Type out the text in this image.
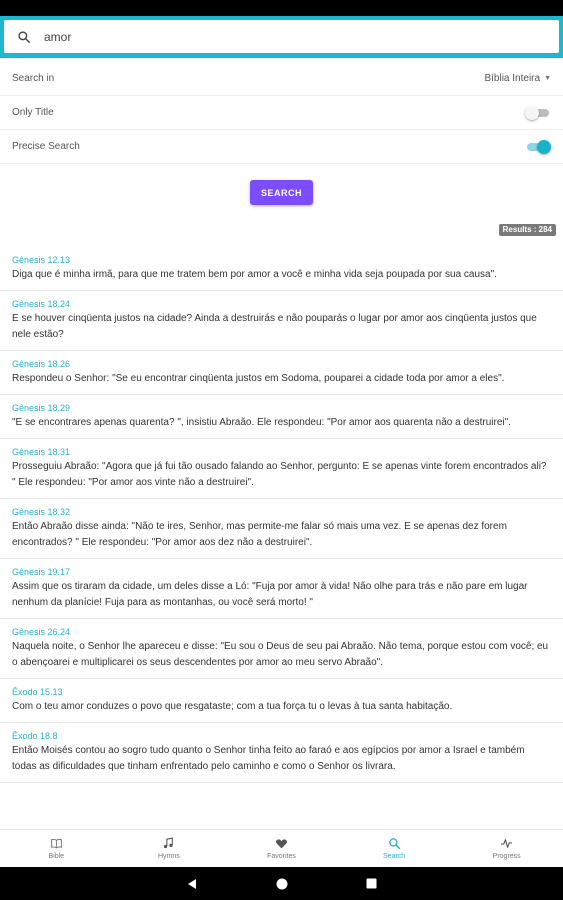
amor
Search in	Bíblia Inteira ▼
Only Title
Precise Search
SEARCH
Results : 284
Gênesis 12.13
Diga que é minha irmã, para que me tratem bem por amor a você e minha vida seja poupada por sua causa".
Gênesis 18.24
E se houver cinqüenta justos na cidade? Ainda a destruirás e não pouparás o lugar por amor aos cinqüenta justos que nele estão?
Gênesis 18.26
Respondeu o Senhor: "Se eu encontrar cinqüenta justos em Sodoma, pouparei a cidade toda por amor a eles".
Gênesis 18.29
"E se encontrares apenas quarenta? ", insistiu Abraão. Ele respondeu: "Por amor aos quarenta não a destruirei".
Gênesis 18.31
Prosseguiu Abraão: "Agora que já fui tão ousado falando ao Senhor, pergunto: E se apenas vinte forem encontrados ali? " Ele respondeu: "Por amor aos vinte não a destruirei".
Gênesis 18.32
Então Abraão disse ainda: "Não te ires, Senhor, mas permite-me falar só mais uma vez. E se apenas dez forem encontrados? " Ele respondeu: "Por amor aos dez não a destruirei".
Gênesis 19.17
Assim que os tiraram da cidade, um deles disse a Ló: "Fuja por amor à vida! Não olhe para trás e não pare em lugar nenhum da planície! Fuja para as montanhas, ou você será morto! "
Gênesis 26.24
Naquela noite, o Senhor lhe apareceu e disse: "Eu sou o Deus de seu pai Abraão. Não tema, porque estou com você; eu o abençoarei e multiplicarei os seus descendentes por amor ao meu servo Abraão".
Êxodo 15.13
Com o teu amor conduzes o povo que resgataste; com a tua força tu o levas à tua santa habitação.
Êxodo 18.8
Então Moisés contou ao sogro tudo quanto o Senhor tinha feito ao faraó e aos egípcios por amor a Israel e também todas as dificuldades que tinham enfrentado pelo caminho e como o Senhor os livrara.
Bible	Hymns	Favorites	Search	Progress
